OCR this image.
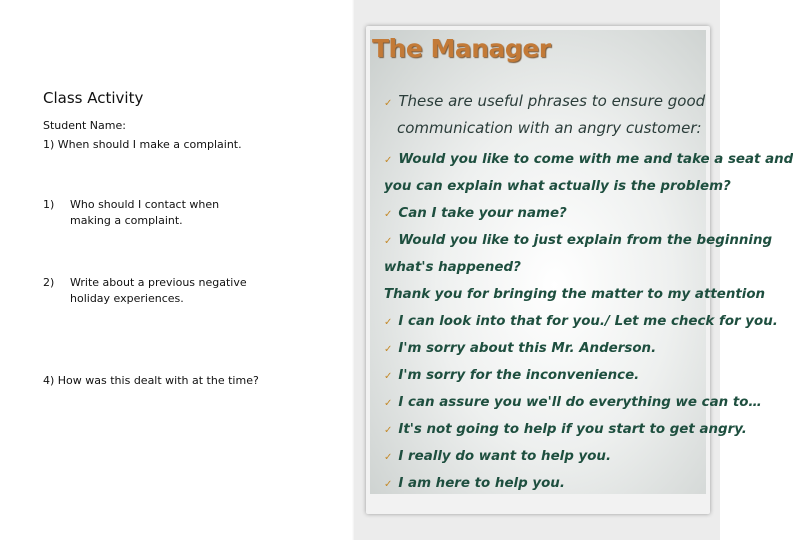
Class Activity
Student Name:
1) When should I make a complaint.
1) Who should I contact when
making a complaint.
2) Write about a previous negative
holiday experiences.
4) How was this dealt with at the time?
The Manager
✓ These are useful phrases to ensure good
communication with an angry customer:
✓ Would you like to come with me and take a seat and
you can explain what actually is the problem?
✓ Can I take your name?
✓ Would you like to just explain from the beginning
what's happened?
Thank you for bringing the matter to my attention
✓ I can look into that for you./ Let me check for you.
✓ I'm sorry about this Mr. Anderson.
✓ I'm sorry for the inconvenience.
✓ I can assure you we'll do everything we can to…
✓ It's not going to help if you start to get angry.
✓ I really do want to help you.
✓ I am here to help you.
